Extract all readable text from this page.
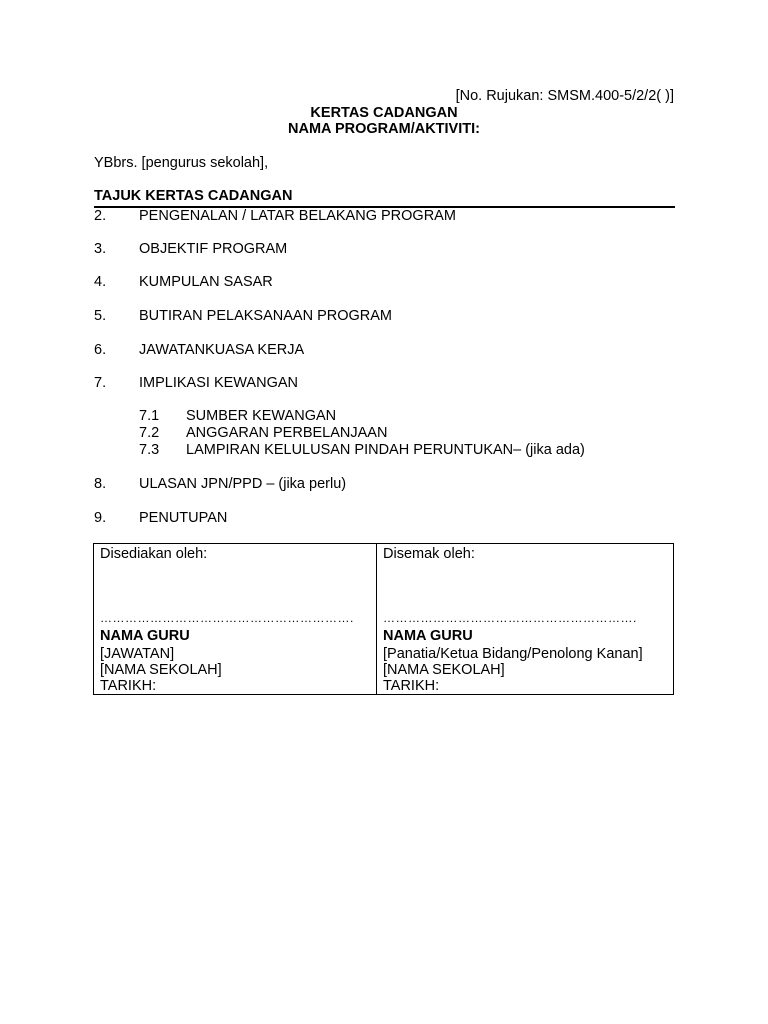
[No. Rujukan: SMSM.400-5/2/2( )]
KERTAS CADANGAN
NAMA PROGRAM/AKTIVITI:
YBbrs. [pengurus sekolah],
TAJUK KERTAS CADANGAN
2. PENGENALAN / LATAR BELAKANG PROGRAM
3. OBJEKTIF PROGRAM
4. KUMPULAN SASAR
5. BUTIRAN PELAKSANAAN PROGRAM
6. JAWATANKUASA KERJA
7. IMPLIKASI KEWANGAN
7.1 SUMBER KEWANGAN
7.2 ANGGARAN PERBELANJAAN
7.3 LAMPIRAN KELULUSAN PINDAH PERUNTUKAN– (jika ada)
8. ULASAN JPN/PPD – (jika perlu)
9. PENUTUPAN
Disediakan oleh:
…………………………………………………….
NAMA GURU
[JAWATAN]
[NAMA SEKOLAH]
TARIKH:
Disemak oleh:
…………………………………………………….
NAMA GURU
[Panatia/Ketua Bidang/Penolong Kanan]
[NAMA SEKOLAH]
TARIKH:
